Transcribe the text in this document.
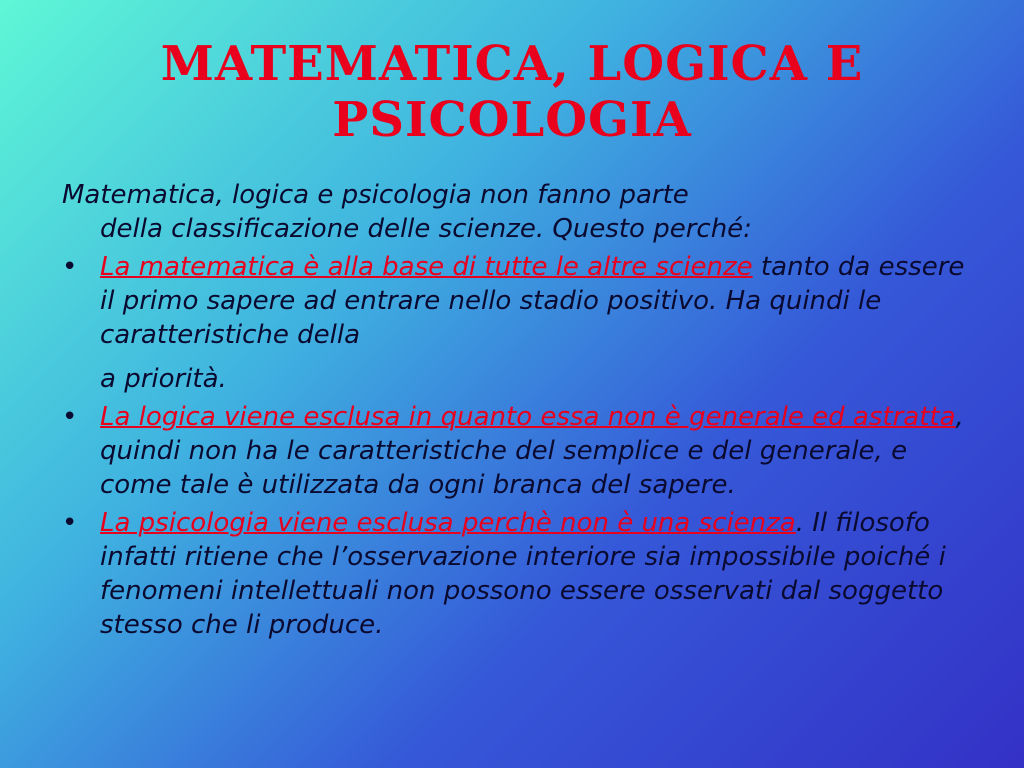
MATEMATICA, LOGICA E
PSICOLOGIA

Matematica, logica e psicologia non fanno parte
della classificazione delle scienze. Questo perché:

• La matematica è alla base di tutte le altre scienze tanto da essere il primo sapere ad entrare nello stadio positivo. Ha quindi le caratteristiche della
a priorità.
• La logica viene esclusa in quanto essa non è generale ed astratta, quindi non ha le caratteristiche del semplice e del generale, e come tale è utilizzata da ogni branca del sapere.
• La psicologia viene esclusa perchè non è una scienza. Il filosofo infatti ritiene che l’osservazione interiore sia impossibile poiché i fenomeni intellettuali non possono essere osservati dal soggetto stesso che li produce.
